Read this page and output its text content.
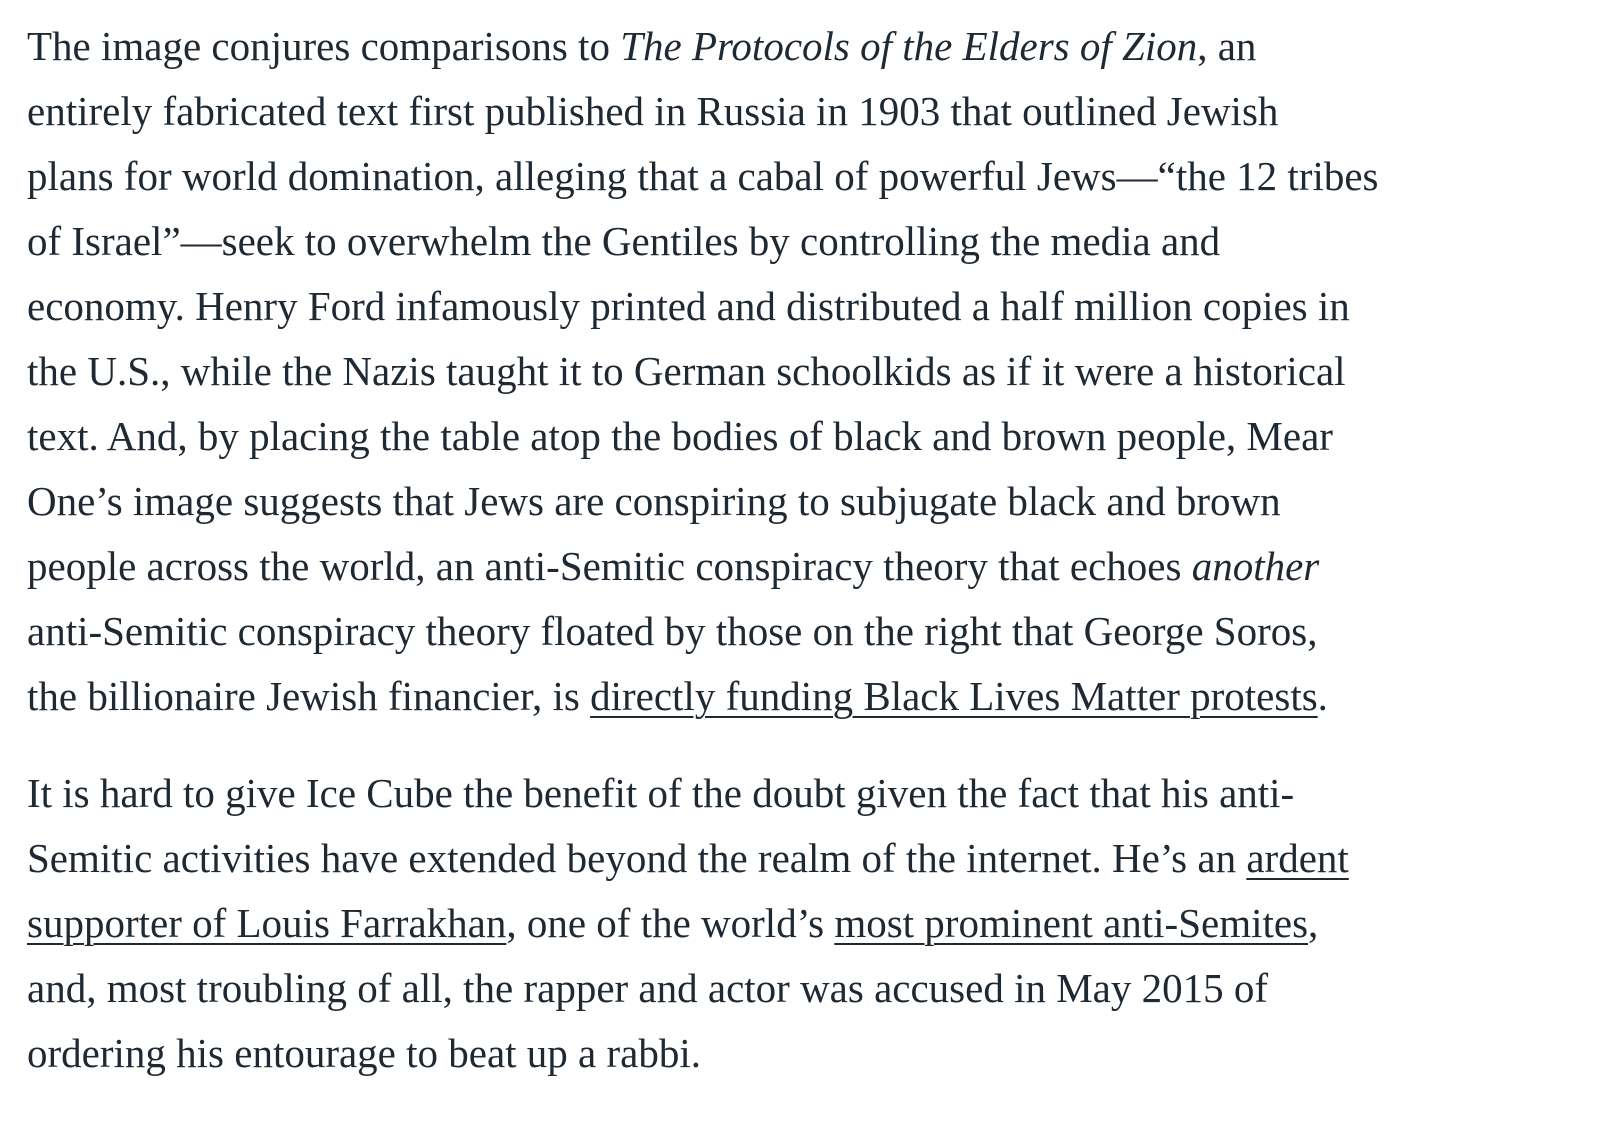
The image conjures comparisons to The Protocols of the Elders of Zion, an
entirely fabricated text first published in Russia in 1903 that outlined Jewish
plans for world domination, alleging that a cabal of powerful Jews—“the 12 tribes
of Israel”—seek to overwhelm the Gentiles by controlling the media and
economy. Henry Ford infamously printed and distributed a half million copies in
the U.S., while the Nazis taught it to German schoolkids as if it were a historical
text. And, by placing the table atop the bodies of black and brown people, Mear
One’s image suggests that Jews are conspiring to subjugate black and brown
people across the world, an anti-Semitic conspiracy theory that echoes another
anti-Semitic conspiracy theory floated by those on the right that George Soros,
the billionaire Jewish financier, is directly funding Black Lives Matter protests.
It is hard to give Ice Cube the benefit of the doubt given the fact that his anti-
Semitic activities have extended beyond the realm of the internet. He’s an ardent
supporter of Louis Farrakhan, one of the world’s most prominent anti-Semites,
and, most troubling of all, the rapper and actor was accused in May 2015 of
ordering his entourage to beat up a rabbi.
